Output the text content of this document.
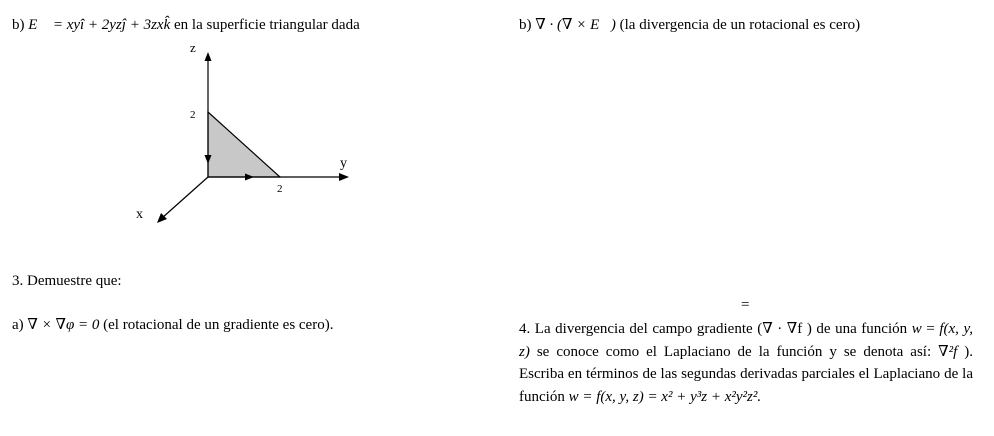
b) E⃗ = xyî + 2yzĵ + 3zxk̂ en la superficie triangular dada
z
y
x
2
2
3. Demuestre que:
a) ∇ × ∇φ = 0 (el rotacional de un gradiente es cero).
b) ∇ · (∇ × E⃗) (la divergencia de un rotacional es cero)
=
4. La divergencia del campo gradiente (∇ · ∇f ) de una función w = f(x, y, z) se conoce como el Laplaciano de la función y se denota así: ∇²f ). Escriba en términos de las segundas derivadas parciales el Laplaciano de la función w = f(x, y, z) = x² + y³z + x²y²z².
